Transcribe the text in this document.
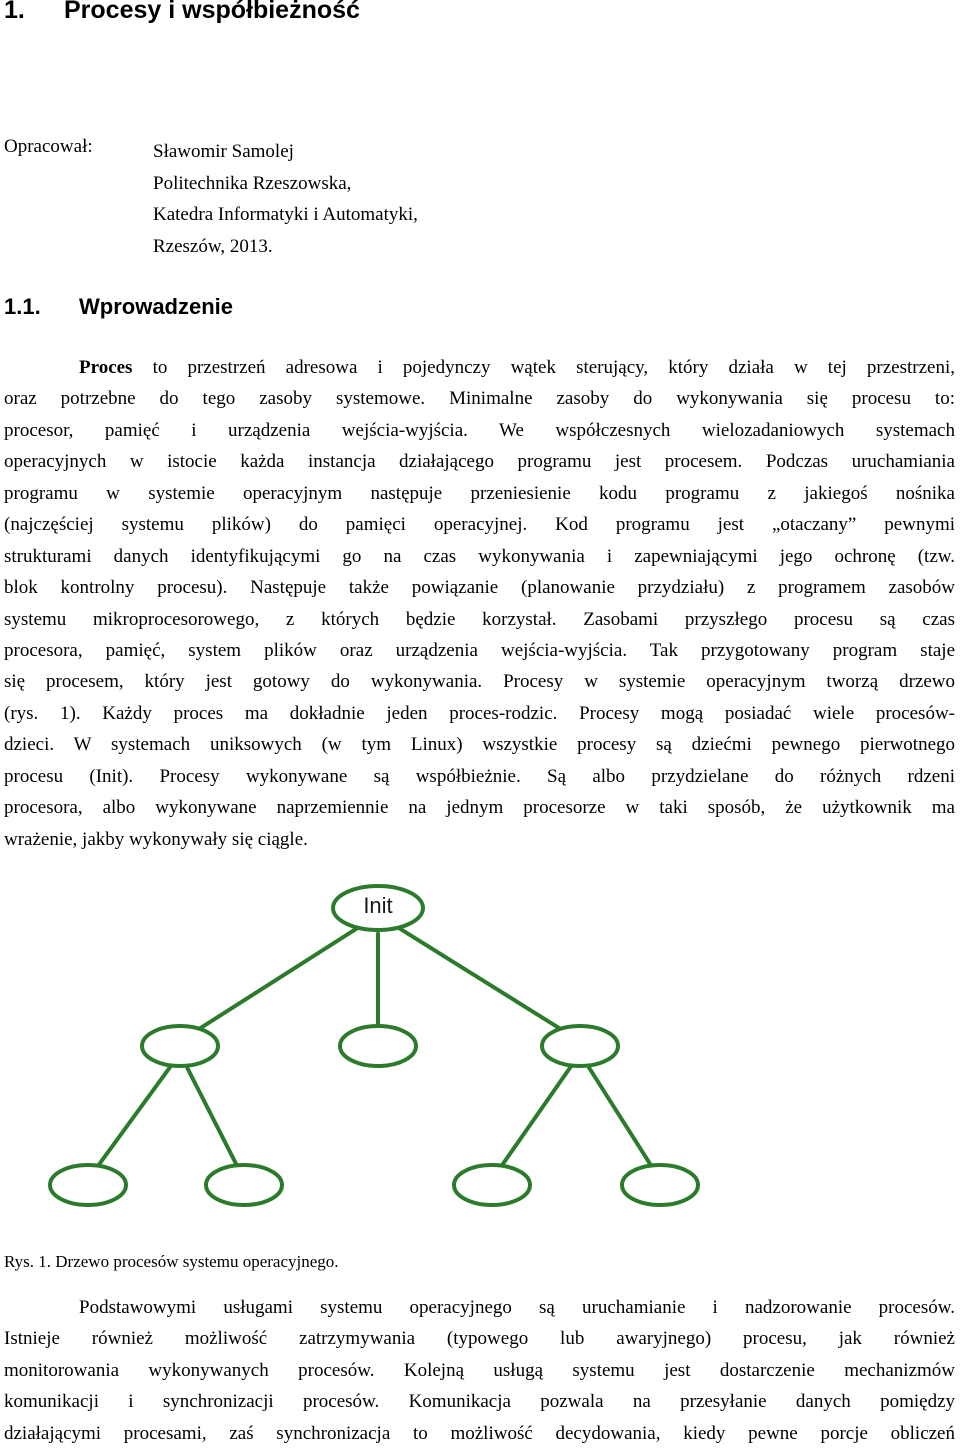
1. Procesy i współbieżność
Opracował:	Sławomir Samolej
Politechnika Rzeszowska,
Katedra Informatyki i Automatyki,
Rzeszów, 2013.
1.1. Wprowadzenie
Proces to przestrzeń adresowa i pojedynczy wątek sterujący, który działa w tej przestrzeni,
oraz potrzebne do tego zasoby systemowe. Minimalne zasoby do wykonywania się procesu to:
procesor, pamięć i urządzenia wejścia-wyjścia. We współczesnych wielozadaniowych systemach
operacyjnych w istocie każda instancja działającego programu jest procesem. Podczas uruchamiania
programu w systemie operacyjnym następuje przeniesienie kodu programu z jakiegoś nośnika
(najczęściej systemu plików) do pamięci operacyjnej. Kod programu jest „otaczany” pewnymi
strukturami danych identyfikującymi go na czas wykonywania i zapewniającymi jego ochronę (tzw.
blok kontrolny procesu). Następuje także powiązanie (planowanie przydziału) z programem zasobów
systemu mikroprocesorowego, z których będzie korzystał. Zasobami przyszłego procesu są czas
procesora, pamięć, system plików oraz urządzenia wejścia-wyjścia. Tak przygotowany program staje
się procesem, który jest gotowy do wykonywania. Procesy w systemie operacyjnym tworzą drzewo
(rys. 1). Każdy proces ma dokładnie jeden proces-rodzic. Procesy mogą posiadać wiele procesów-
dzieci. W systemach uniksowych (w tym Linux) wszystkie procesy są dziećmi pewnego pierwotnego
procesu (Init). Procesy wykonywane są współbieżnie. Są albo przydzielane do różnych rdzeni
procesora, albo wykonywane naprzemiennie na jednym procesorze w taki sposób, że użytkownik ma
wrażenie, jakby wykonywały się ciągle.
Init
Rys. 1. Drzewo procesów systemu operacyjnego.
Podstawowymi usługami systemu operacyjnego są uruchamianie i nadzorowanie procesów.
Istnieje również możliwość zatrzymywania (typowego lub awaryjnego) procesu, jak również
monitorowania wykonywanych procesów. Kolejną usługą systemu jest dostarczenie mechanizmów
komunikacji i synchronizacji procesów. Komunikacja pozwala na przesyłanie danych pomiędzy
działającymi procesami, zaś synchronizacja to możliwość decydowania, kiedy pewne porcje obliczeń
